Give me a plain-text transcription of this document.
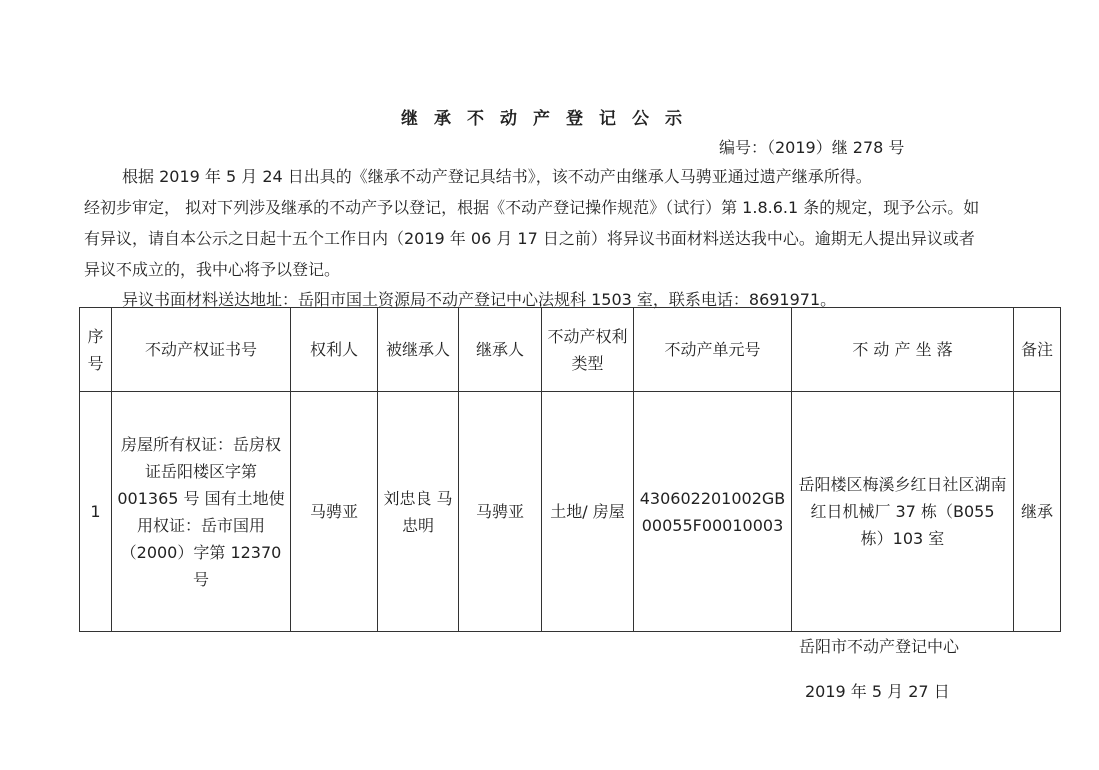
继承不动产登记公示
编号：（2019）继 278 号

根据 2019 年 5 月 24 日出具的《继承不动产登记具结书》，该不动产由继承人马骋亚通过遗产继承所得。

经初步审定， 拟对下列涉及继承的不动产予以登记，根据《不动产登记操作规范》（试行）第 1.8.6.1 条的规定，现予公示。如有异议，请自本公示之日起十五个工作日内（2019 年 06 月 17 日之前）将异议书面材料送达我中心。逾期无人提出异议或者异议不成立的，我中心将予以登记。

异议书面材料送达地址：岳阳市国土资源局不动产登记中心法规科 1503 室，联系电话：8691971。

序号	不动产权证书号	权利人	被继承人	继承人	不动产权利类型	不动产单元号	不 动 产 坐 落	备注
1	房屋所有权证：岳房权证岳阳楼区字第 001365 号 国有土地使用权证：岳市国用（2000）字第 12370 号	马骋亚	刘忠良 马忠明	马骋亚	土地/ 房屋	430602201002GB00055F00010003	岳阳楼区梅溪乡红日社区湖南红日机械厂 37 栋（B055 栋）103 室	继承
岳阳市不动产登记中心
2019 年 5 月 27 日
